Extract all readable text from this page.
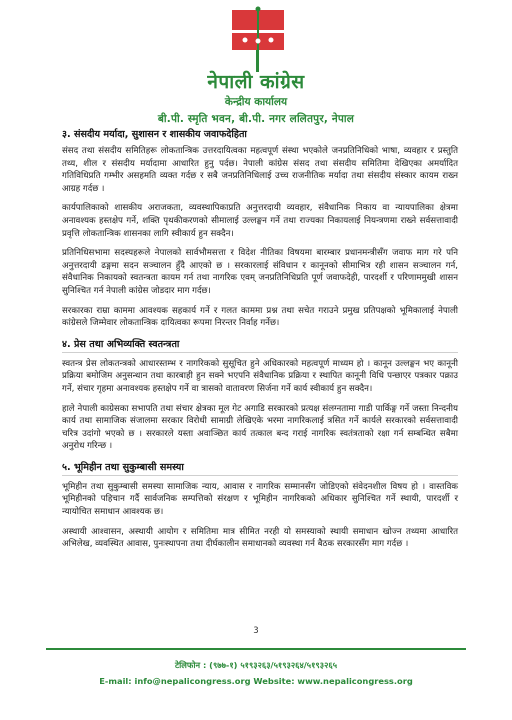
नेपाली कांग्रेस
केन्द्रीय कार्यालय
बी.पी. स्मृति भवन, बी.पी. नगर ललितपुर, नेपाल
३. संसदीय मर्यादा, सुशासन र शासकीय जवाफदेहिता

संसद तथा संसदीय समितिहरू लोकतान्त्रिक उत्तरदायित्वका महत्वपूर्ण संस्था भएकोले जनप्रतिनिधिको भाषा, व्यवहार र प्रस्तुति तथ्य, शील र संसदीय मर्यादामा आधारित हुनु पर्दछ। नेपाली कांग्रेस संसद तथा संसदीय समितिमा देखिएका अमर्यादित गतिविधिप्रति गम्भीर असहमति व्यक्त गर्दछ र सबै जनप्रतिनिधिलाई उच्च राजनीतिक मर्यादा तथा संसदीय संस्कार कायम राख्न आग्रह गर्दछ ।

कार्यपालिकाको शासकीय अराजकता, व्यवस्थापिकाप्रति अनुत्तरदायी व्यवहार, संवैधानिक निकाय वा न्यायपालिका क्षेत्रमा अनावश्यक हस्तक्षेप गर्ने, शक्ति पृथकीकरणको सीमालाई उल्लङ्घन गर्ने तथा राज्यका निकायलाई नियन्त्रणमा राख्ने सर्वसत्तावादी प्रवृत्ति लोकतान्त्रिक शासनका लागि स्वीकार्य हुन सक्दैन।

प्रतिनिधिसभामा सदस्यहरूले नेपालको सार्वभौमसत्ता र विदेश नीतिका विषयमा बारम्बार प्रधानमन्त्रीसँग जवाफ माग गरे पनि अनुत्तरदायी ढङ्गमा सदन सञ्चालन हुँदै आएको छ । सरकारलाई संविधान र कानूनको सीमाभित्र रही शासन सञ्चालन गर्न, संवैधानिक निकायको स्वतन्त्रता कायम गर्न तथा नागरिक एवम् जनप्रतिनिधिप्रति पूर्ण जवाफदेही, पारदर्शी र परिणाममुखी शासन सुनिश्चित गर्न नेपाली कांग्रेस जोडदार माग गर्दछ।

सरकारका राम्रा काममा आवश्यक सहकार्य गर्ने र गलत काममा प्रश्न तथा सचेत गराउने प्रमुख प्रतिपक्षको भूमिकालाई नेपाली कांग्रेसले जिम्मेवार लोकतान्त्रिक दायित्वका रूपमा निरन्तर निर्वाह गर्नेछ।

४. प्रेस तथा अभिव्यक्ति स्वतन्त्रता

स्वतन्त्र प्रेस लोकतन्त्रको आधारस्तम्भ र नागरिकको सुसूचित हुने अधिकारको महत्वपूर्ण माध्यम हो । कानून उल्लङ्घन भए कानूनी प्रक्रिया बमोजिम अनुसन्धान तथा कारबाही हुन सक्ने भएपनि संवैधानिक प्रक्रिया र स्थापित कानूनी विधि पन्छाएर पत्रकार पक्राउ गर्ने, संचार गृहमा अनावश्यक हस्तक्षेप गर्ने वा त्रासको वातावरण सिर्जना गर्ने कार्य स्वीकार्य हुन सक्दैन।

हाले नेपाली काग्रेसका सभापति तथा संचार क्षेत्रका मूल गेट अगाडि सरकारको प्रत्यक्ष संलग्नतामा गाडी पार्किङ्ग गर्ने जस्ता निन्दनीय कार्य तथा सामाजिक संजालमा सरकार विरोधी सामाग्री लेखिएके भरमा नागरिकलाई त्रसित गर्ने कार्यले सरकारको सर्वसत्तावादी चरित्र उदांगो भएको छ । सरकारले यस्ता अवाञ्छित कार्य तत्काल बन्द गराई नागरिक स्वतंत्रताको रक्षा गर्न सम्बन्धित सबैमा अनुरोध गरिन्छ ।

५. भूमिहीन तथा सुकुम्बासी समस्या

भूमिहीन तथा सुकुम्बासी समस्या सामाजिक न्याय, आवास र नागरिक सम्मानसँग जोडिएको संवेदनशील विषय हो । वास्तविक भूमिहीनको पहिचान गर्दै सार्वजनिक सम्पत्तिको संरक्षण र भूमिहीन नागरिकको अधिकार सुनिश्चित गर्ने स्थायी, पारदर्शी र न्यायोचित समाधान आवश्यक छ।

अस्थायी आश्वासन, अस्थायी आयोग र समितिमा मात्र सीमित नरही यो समस्याको स्थायी समाधान खोज्न तथ्यमा आधारित अभिलेख, व्यवस्थित आवास, पुनःस्थापना तथा दीर्घकालीन समाधानको व्यवस्था गर्न बैठक सरकारसँग माग गर्दछ ।

3
टेलिफोन : (९७७-१) ५१९३२६३/५१९३२६४/५१९३२६५
E-mail: info@nepalicongress.org Website: www.nepalicongress.org
